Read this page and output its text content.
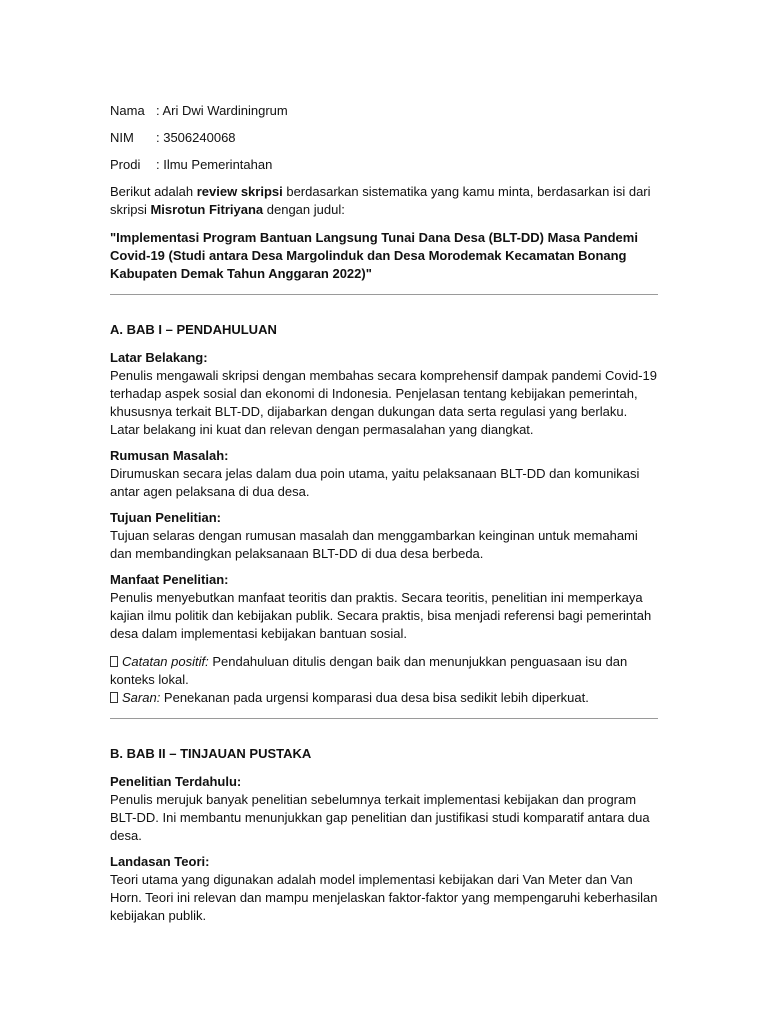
Nama : Ari Dwi Wardiningrum
NIM	: 3506240068
Prodi	: Ilmu Pemerintahan

Berikut adalah review skripsi berdasarkan sistematika yang kamu minta, berdasarkan isi dari skripsi Misrotun Fitriyana dengan judul:

"Implementasi Program Bantuan Langsung Tunai Dana Desa (BLT-DD) Masa Pandemi Covid-19 (Studi antara Desa Margolinduk dan Desa Morodemak Kecamatan Bonang Kabupaten Demak Tahun Anggaran 2022)"

A. BAB I – PENDAHULUAN
Latar Belakang:
Penulis mengawali skripsi dengan membahas secara komprehensif dampak pandemi Covid-19 terhadap aspek sosial dan ekonomi di Indonesia. Penjelasan tentang kebijakan pemerintah, khususnya terkait BLT-DD, dijabarkan dengan dukungan data serta regulasi yang berlaku. Latar belakang ini kuat dan relevan dengan permasalahan yang diangkat.
Rumusan Masalah:
Dirumuskan secara jelas dalam dua poin utama, yaitu pelaksanaan BLT-DD dan komunikasi antar agen pelaksana di dua desa.
Tujuan Penelitian:
Tujuan selaras dengan rumusan masalah dan menggambarkan keinginan untuk memahami dan membandingkan pelaksanaan BLT-DD di dua desa berbeda.
Manfaat Penelitian:
Penulis menyebutkan manfaat teoritis dan praktis. Secara teoritis, penelitian ini memperkaya kajian ilmu politik dan kebijakan publik. Secara praktis, bisa menjadi referensi bagi pemerintah desa dalam implementasi kebijakan bantuan sosial.

Catatan positif: Pendahuluan ditulis dengan baik dan menunjukkan penguasaan isu dan konteks lokal.

Saran: Penekanan pada urgensi komparasi dua desa bisa sedikit lebih diperkuat.

B. BAB II – TINJAUAN PUSTAKA
Penelitian Terdahulu:
Penulis merujuk banyak penelitian sebelumnya terkait implementasi kebijakan dan program BLT-DD. Ini membantu menunjukkan gap penelitian dan justifikasi studi komparatif antara dua desa.
Landasan Teori:
Teori utama yang digunakan adalah model implementasi kebijakan dari Van Meter dan Van Horn. Teori ini relevan dan mampu menjelaskan faktor-faktor yang mempengaruhi keberhasilan kebijakan publik.
